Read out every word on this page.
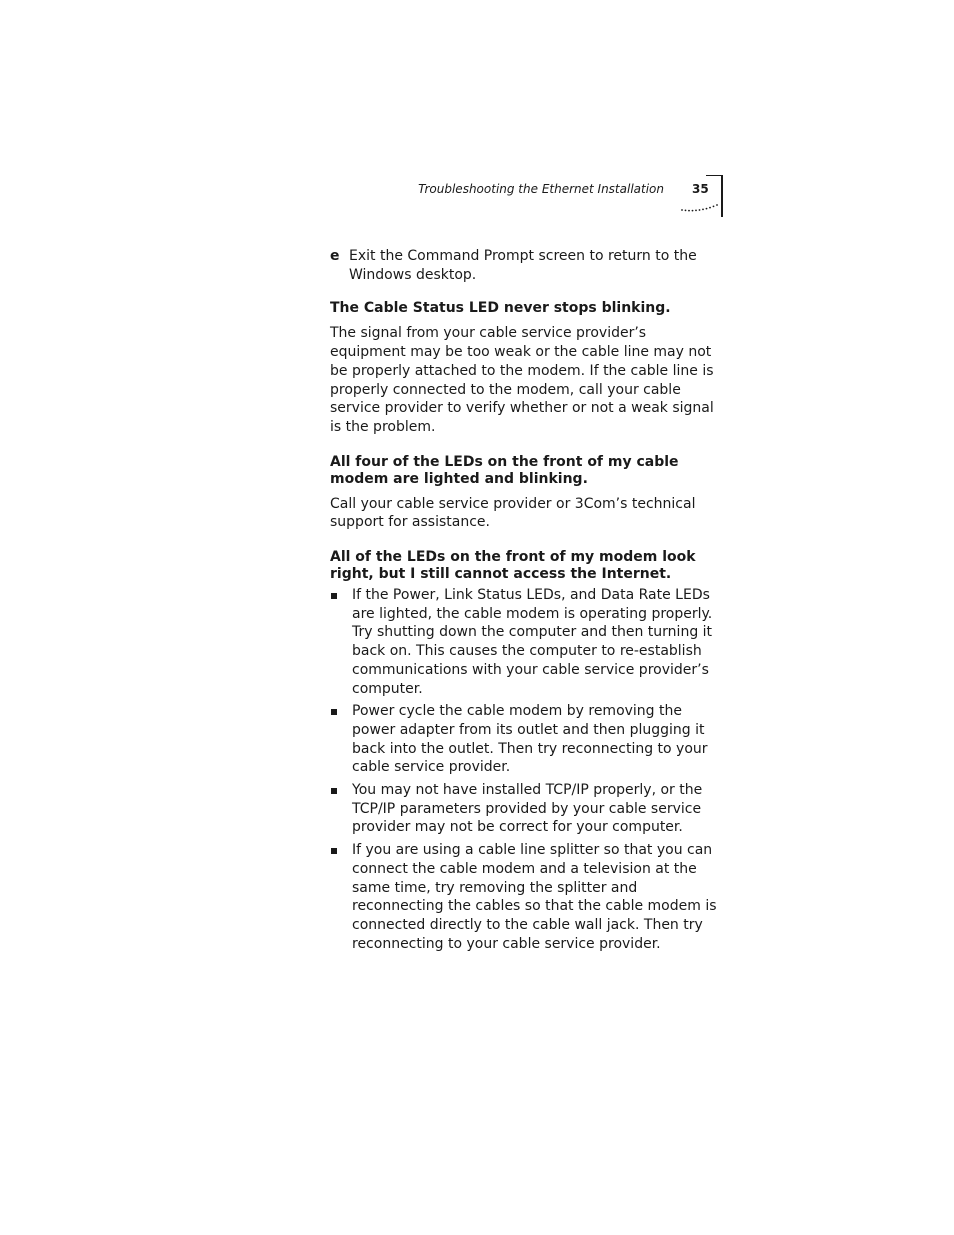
Troubleshooting the Ethernet Installation	35
e Exit the Command Prompt screen to return to the Windows desktop.
The Cable Status LED never stops blinking.

The signal from your cable service provider’s equipment may be too weak or the cable line may not be properly attached to the modem. If the cable line is properly connected to the modem, call your cable service provider to verify whether or not a weak signal is the problem.

All four of the LEDs on the front of my cable modem are lighted and blinking.

Call your cable service provider or 3Com’s technical support for assistance.

All of the LEDs on the front of my modem look right, but I still cannot access the Internet.
If the Power, Link Status LEDs, and Data Rate LEDs are lighted, the cable modem is operating properly. Try shutting down the computer and then turning it back on. This causes the computer to re-establish communications with your cable service provider’s computer.
Power cycle the cable modem by removing the power adapter from its outlet and then plugging it back into the outlet. Then try reconnecting to your cable service provider.
You may not have installed TCP/IP properly, or the TCP/IP parameters provided by your cable service provider may not be correct for your computer.
If you are using a cable line splitter so that you can connect the cable modem and a television at the same time, try removing the splitter and reconnecting the cables so that the cable modem is connected directly to the cable wall jack. Then try reconnecting to your cable service provider.
